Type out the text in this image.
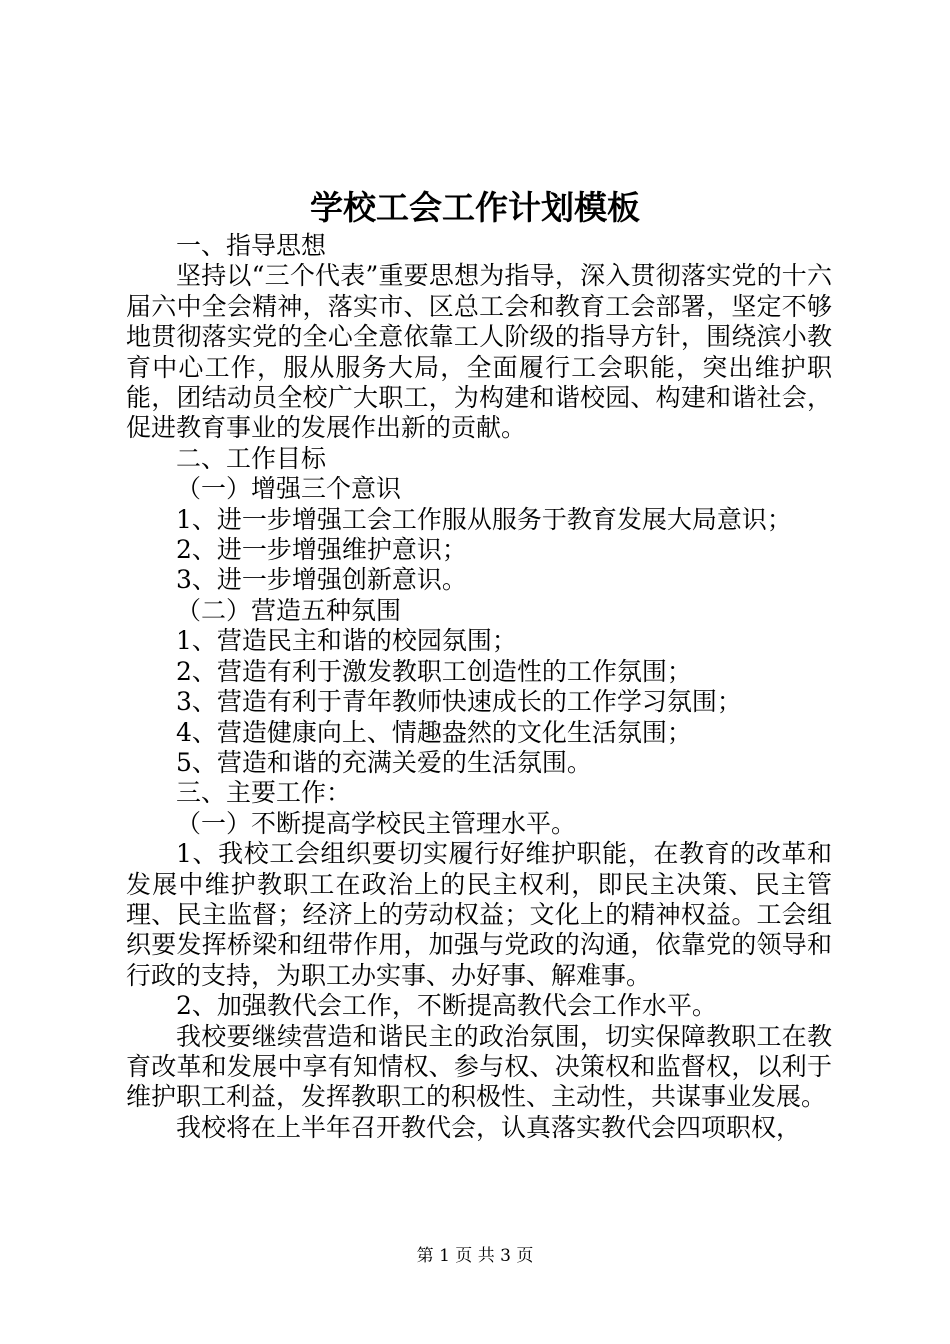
学校工会工作计划模板

一、指导思想

坚持以“三个代表”重要思想为指导，深入贯彻落实党的十六届六中全会精神，落实市、区总工会和教育工会部署，坚定不够地贯彻落实党的全心全意依靠工人阶级的指导方针，围绕滨小教育中心工作，服从服务大局，全面履行工会职能，突出维护职能，团结动员全校广大职工，为构建和谐校园、构建和谐社会，促进教育事业的发展作出新的贡献。

二、工作目标

（一）增强三个意识

1、进一步增强工会工作服从服务于教育发展大局意识；

2、进一步增强维护意识；

3、进一步增强创新意识。

（二）营造五种氛围

1、营造民主和谐的校园氛围；

2、营造有利于激发教职工创造性的工作氛围；

3、营造有利于青年教师快速成长的工作学习氛围；

4、营造健康向上、情趣盎然的文化生活氛围；

5、营造和谐的充满关爱的生活氛围。

三、主要工作：

（一）不断提高学校民主管理水平。

1、我校工会组织要切实履行好维护职能，在教育的改革和发展中维护教职工在政治上的民主权利，即民主决策、民主管理、民主监督；经济上的劳动权益；文化上的精神权益。工会组织要发挥桥梁和纽带作用，加强与党政的沟通，依靠党的领导和行政的支持，为职工办实事、办好事、解难事。

2、加强教代会工作，不断提高教代会工作水平。

我校要继续营造和谐民主的政治氛围，切实保障教职工在教育改革和发展中享有知情权、参与权、决策权和监督权，以利于维护职工利益，发挥教职工的积极性、主动性，共谋事业发展。

我校将在上半年召开教代会，认真落实教代会四项职权，

第 1 页 共 3 页
